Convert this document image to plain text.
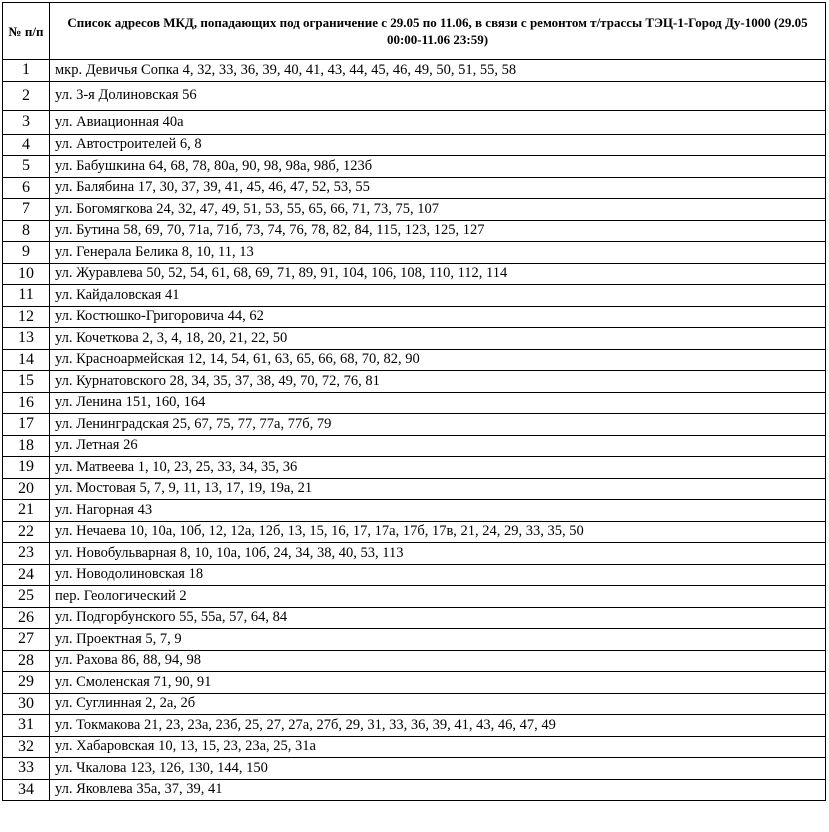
№ п/п	Список адресов МКД, попадающих под ограничение с 29.05 по 11.06, в связи с ремонтом т/трассы ТЭЦ-1-Город Ду-1000 (29.05 00:00-11.06 23:59)
1	мкр. Девичья Сопка 4, 32, 33, 36, 39, 40, 41, 43, 44, 45, 46, 49, 50, 51, 55, 58
2	ул. 3-я Долиновская 56
3	ул. Авиационная 40а
4	ул. Автостроителей 6, 8
5	ул. Бабушкина 64, 68, 78, 80а, 90, 98, 98а, 98б, 123б
6	ул. Балябина 17, 30, 37, 39, 41, 45, 46, 47, 52, 53, 55
7	ул. Богомягкова 24, 32, 47, 49, 51, 53, 55, 65, 66, 71, 73, 75, 107
8	ул. Бутина 58, 69, 70, 71а, 71б, 73, 74, 76, 78, 82, 84, 115, 123, 125, 127
9	ул. Генерала Белика 8, 10, 11, 13
10	ул. Журавлева 50, 52, 54, 61, 68, 69, 71, 89, 91, 104, 106, 108, 110, 112, 114
11	ул. Кайдаловская 41
12	ул. Костюшко-Григоровича 44, 62
13	ул. Кочеткова 2, 3, 4, 18, 20, 21, 22, 50
14	ул. Красноармейская 12, 14, 54, 61, 63, 65, 66, 68, 70, 82, 90
15	ул. Курнатовского 28, 34, 35, 37, 38, 49, 70, 72, 76, 81
16	ул. Ленина 151, 160, 164
17	ул. Ленинградская 25, 67, 75, 77, 77а, 77б, 79
18	ул. Летная 26
19	ул. Матвеева 1, 10, 23, 25, 33, 34, 35, 36
20	ул. Мостовая 5, 7, 9, 11, 13, 17, 19, 19а, 21
21	ул. Нагорная 43
22	ул. Нечаева 10, 10а, 10б, 12, 12а, 12б, 13, 15, 16, 17, 17а, 17б, 17в, 21, 24, 29, 33, 35, 50
23	ул. Новобульварная 8, 10, 10а, 10б, 24, 34, 38, 40, 53, 113
24	ул. Новодолиновская 18
25	пер. Геологический 2
26	ул. Подгорбунского 55, 55а, 57, 64, 84
27	ул. Проектная 5, 7, 9
28	ул. Рахова 86, 88, 94, 98
29	ул. Смоленская 71, 90, 91
30	ул. Суглинная 2, 2а, 2б
31	ул. Токмакова 21, 23, 23а, 23б, 25, 27, 27а, 27б, 29, 31, 33, 36, 39, 41, 43, 46, 47, 49
32	ул. Хабаровская 10, 13, 15, 23, 23а, 25, 31а
33	ул. Чкалова 123, 126, 130, 144, 150
34	ул. Яковлева 35а, 37, 39, 41
